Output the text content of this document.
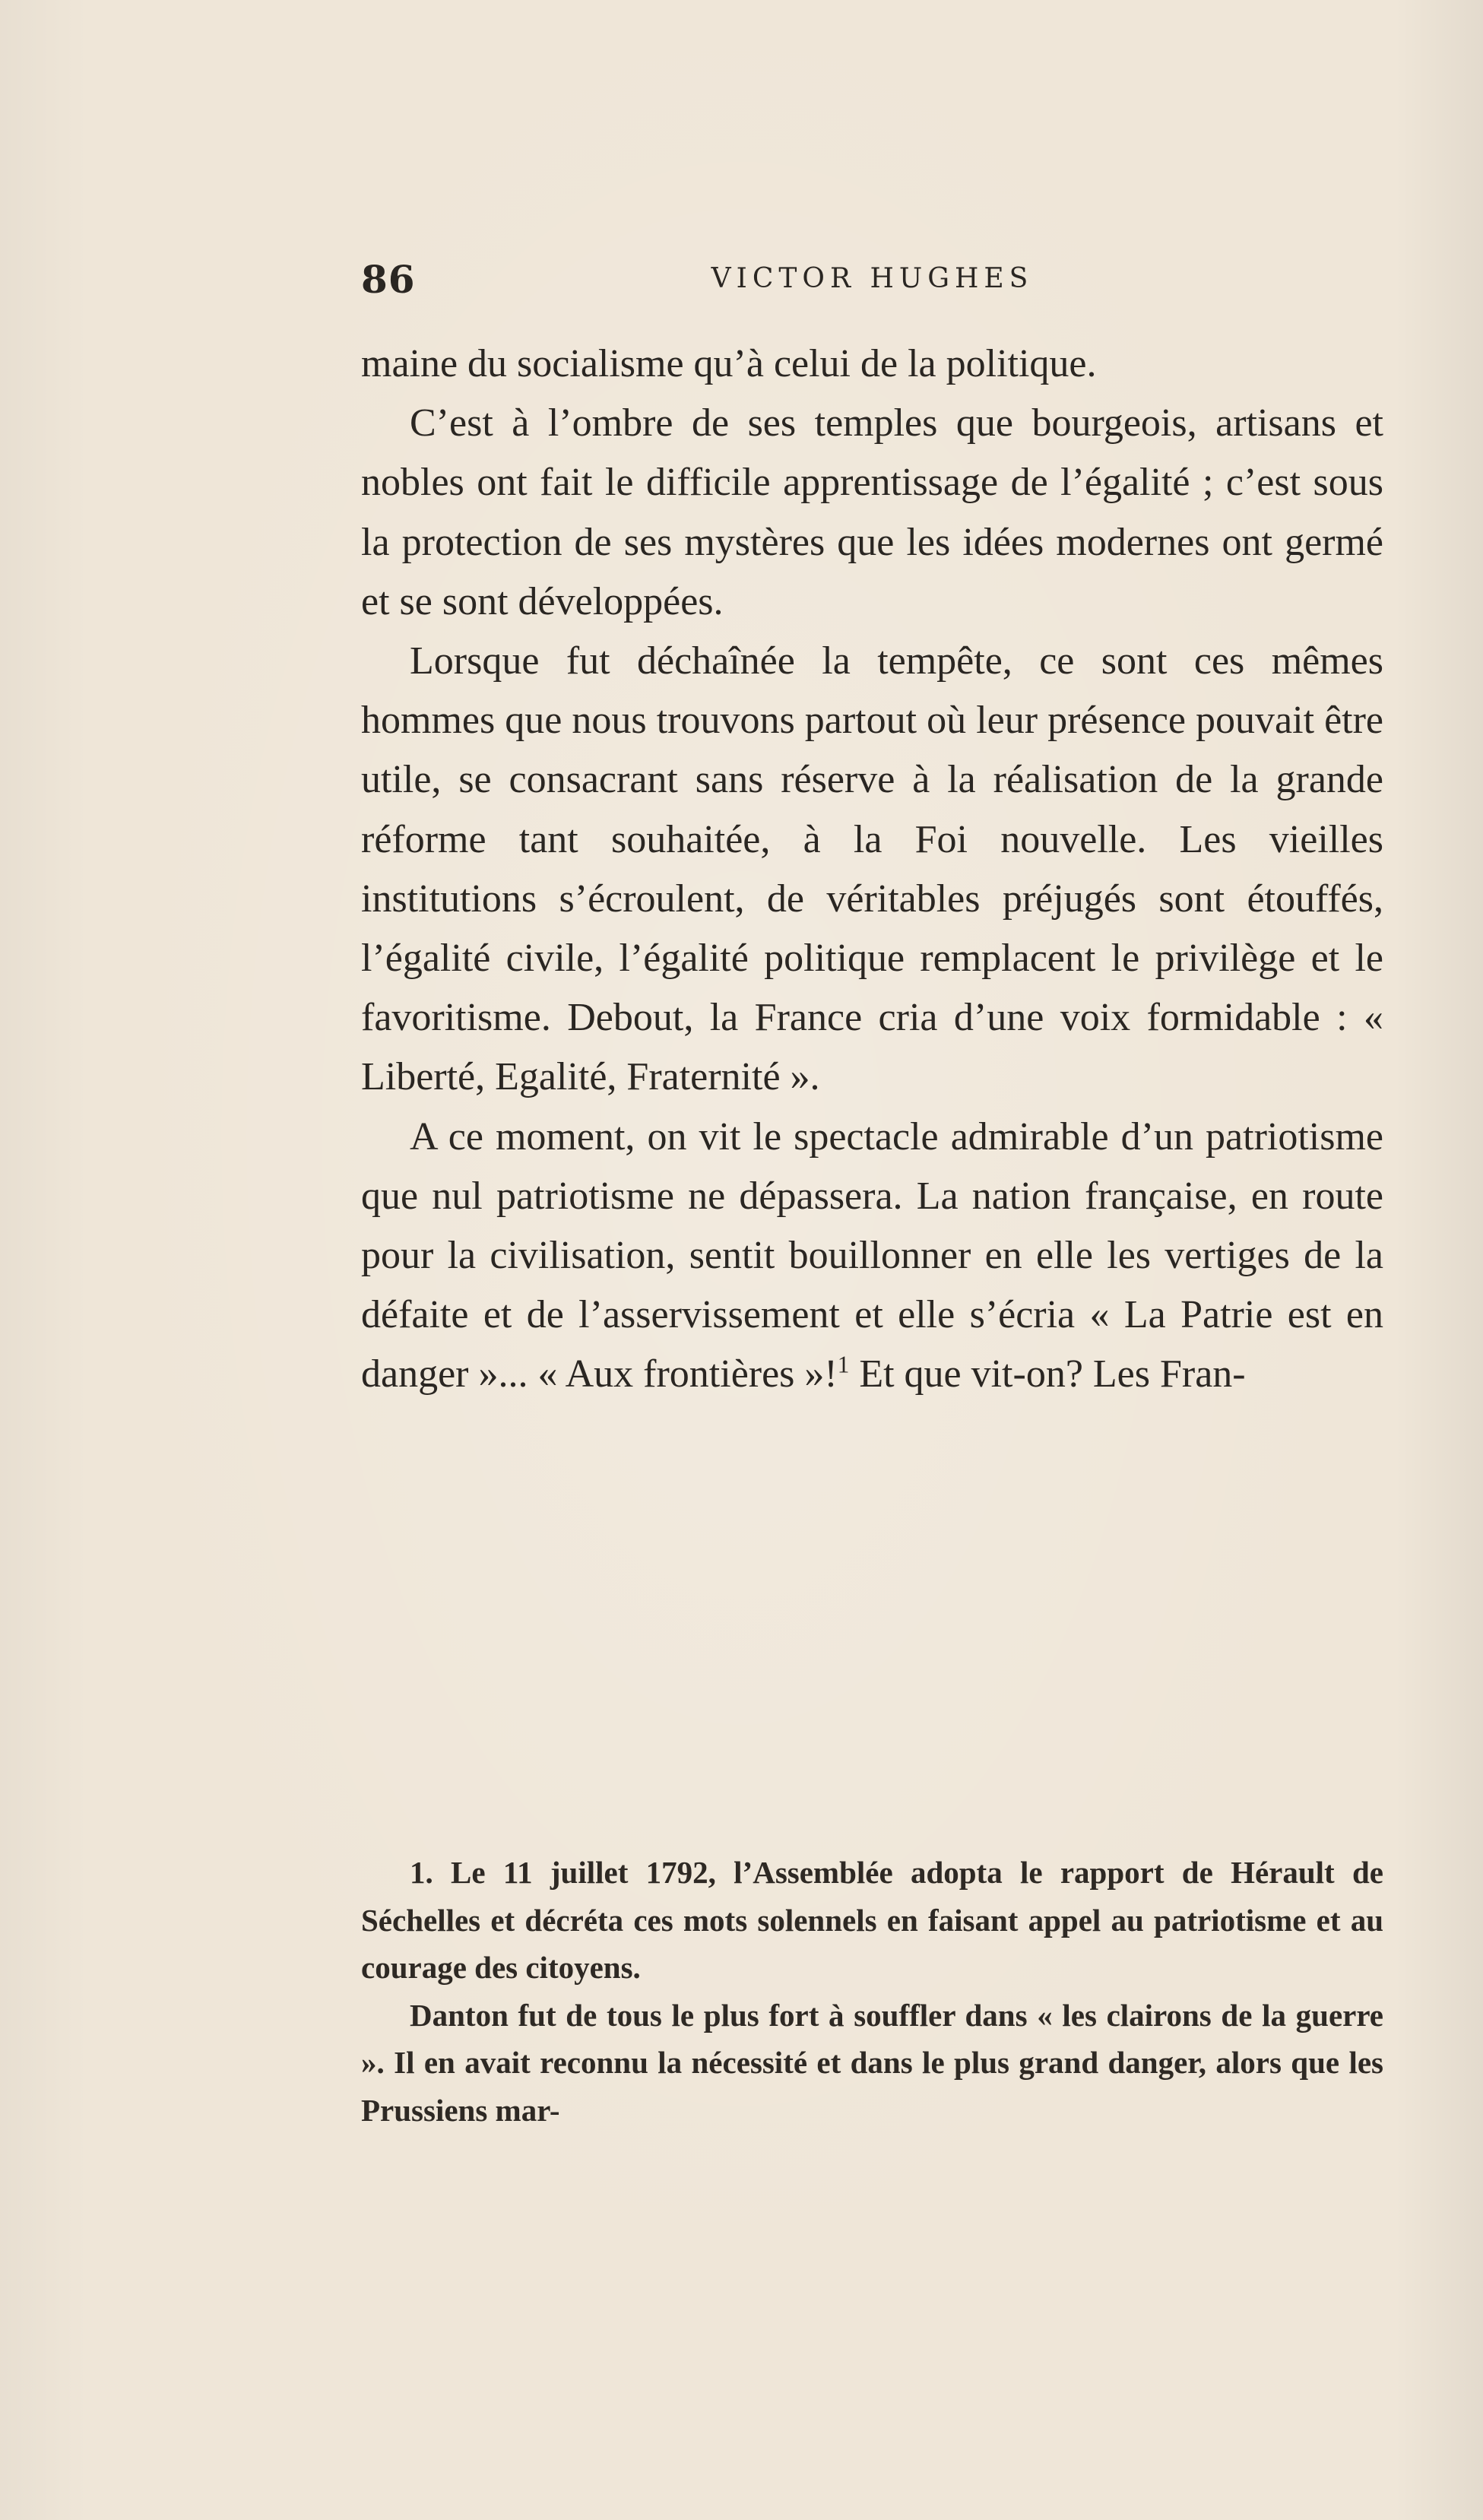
86	VICTOR HUGHES

maine du socialisme qu’à celui de la politique.

C’est à l’ombre de ses temples que bourgeois, artisans et nobles ont fait le difficile apprentissage de l’égalité ; c’est sous la protection de ses mystères que les idées modernes ont germé et se sont développées.

Lorsque fut déchaînée la tempête, ce sont ces mêmes hommes que nous trouvons partout où leur présence pouvait être utile, se consacrant sans réserve à la réalisation de la grande réforme tant souhaitée, à la Foi nouvelle. Les vieilles institutions s’écroulent, de véritables préjugés sont étouffés, l’égalité civile, l’égalité politique remplacent le privilège et le favoritisme. Debout, la France cria d’une voix formidable : « Liberté, Egalité, Fraternité ».

A ce moment, on vit le spectacle admirable d’un patriotisme que nul patriotisme ne dépassera. La nation française, en route pour la civilisation, sentit bouillonner en elle les vertiges de la défaite et de l’asservissement et elle s’écria « La Patrie est en danger »... « Aux frontières »!$^1$ Et que vit-on? Les Fran-

1. Le 11 juillet 1792, l’Assemblée adopta le rapport de Hérault de Séchelles et décréta ces mots solennels en faisant appel au patriotisme et au courage des citoyens.

Danton fut de tous le plus fort à souffler dans « les clairons de la guerre ». Il en avait reconnu la nécessité et dans le plus grand danger, alors que les Prussiens mar-
